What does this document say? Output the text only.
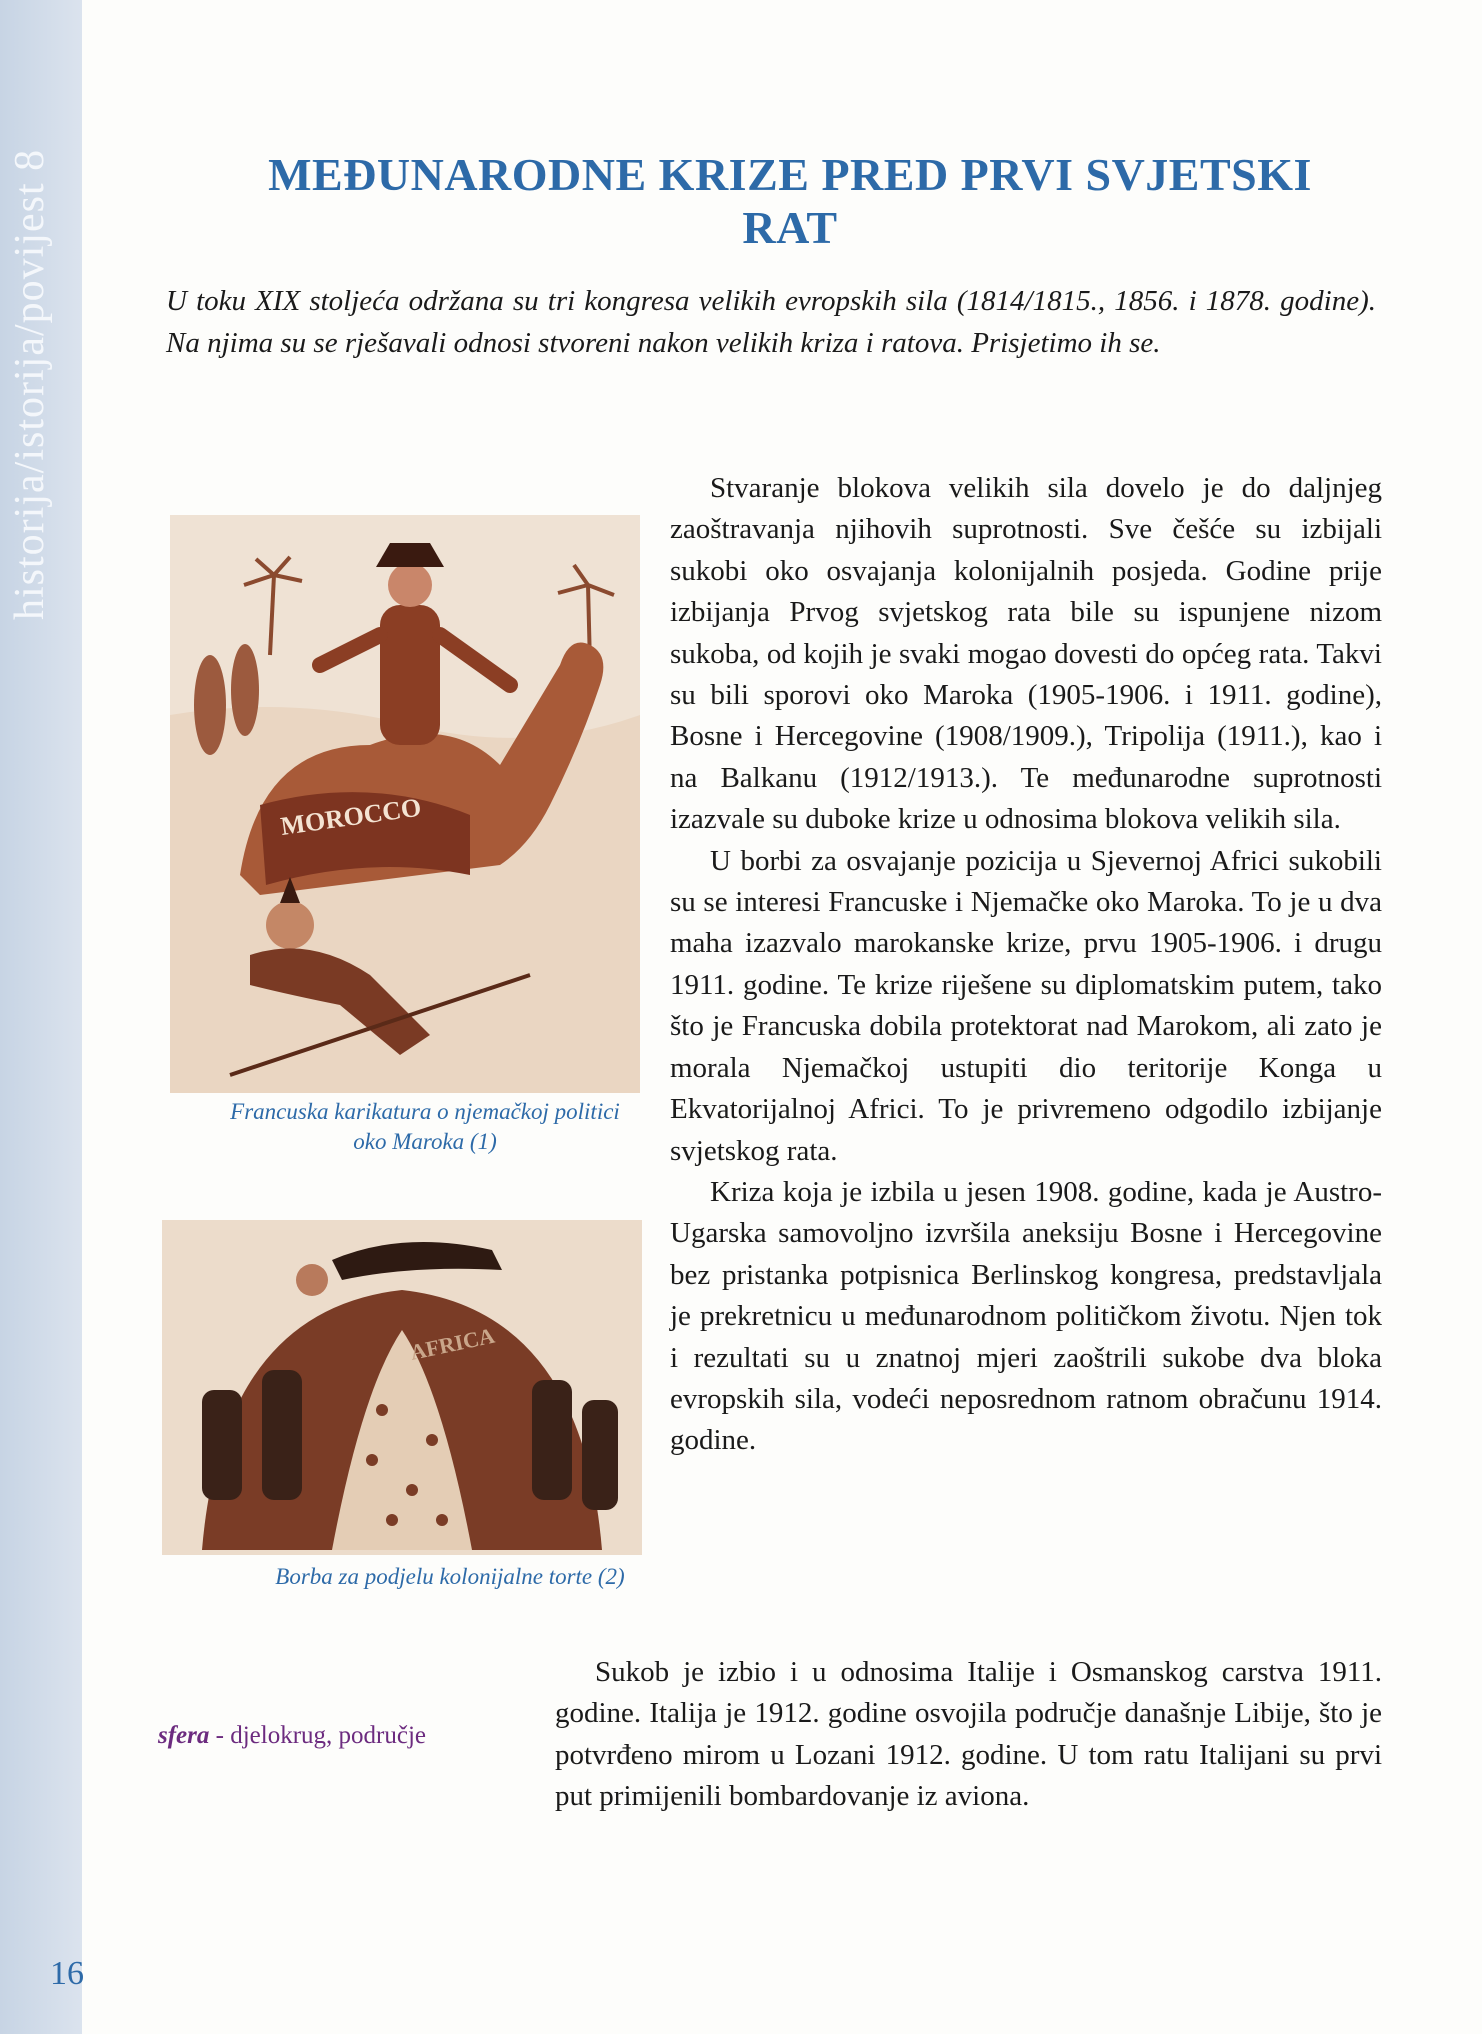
historija/istorija/povijest 8
16
MEĐUNARODNE KRIZE PRED PRVI SVJETSKI RAT

U toku XIX stoljeća održana su tri kongresa velikih evropskih sila (1814/1815., 1856. i 1878. godine). Na njima su se rješavali odnosi stvoreni nakon velikih kriza i ratova. Prisjetimo ih se.

MOROCCO
Francuska karikatura o njemačkoj politici oko Maroka (1)
AFRICA
Borba za podjelu kolonijalne torte (2)
sfera - djelokrug, područje

Stvaranje blokova velikih sila dovelo je do daljnjeg zaoštravanja njihovih suprotnosti. Sve češće su izbijali sukobi oko osvajanja kolonijalnih posjeda. Godine prije izbijanja Prvog svjetskog rata bile su ispunjene nizom sukoba, od kojih je svaki mogao dovesti do općeg rata. Takvi su bili sporovi oko Maroka (1905-1906. i 1911. godine), Bosne i Hercegovine (1908/1909.), Tripolija (1911.), kao i na Balkanu (1912/1913.). Te međunarodne suprotnosti izazvale su duboke krize u odnosima blokova velikih sila.

U borbi za osvajanje pozicija u Sjevernoj Africi sukobili su se interesi Francuske i Njemačke oko Maroka. To je u dva maha izazvalo marokanske krize, prvu 1905-1906. i drugu 1911. godine. Te krize riješene su diplomatskim putem, tako što je Francuska dobila protektorat nad Marokom, ali zato je morala Njemačkoj ustupiti dio teritorije Konga u Ekvatorijalnoj Africi. To je privremeno odgodilo izbijanje svjetskog rata.

Kriza koja je izbila u jesen 1908. godine, kada je Austro-Ugarska samovoljno izvršila aneksiju Bosne i Hercegovine bez pristanka potpisnica Berlinskog kongresa, predstavljala je prekretnicu u međunarodnom političkom životu. Njen tok i rezultati su u znatnoj mjeri zaoštrili sukobe dva bloka evropskih sila, vodeći neposrednom ratnom obračunu 1914. godine.

Sukob je izbio i u odnosima Italije i Osmanskog carstva 1911. godine. Italija je 1912. godine osvojila područje današnje Libije, što je potvrđeno mirom u Lozani 1912. godine. U tom ratu Italijani su prvi put primijenili bombardovanje iz aviona.
